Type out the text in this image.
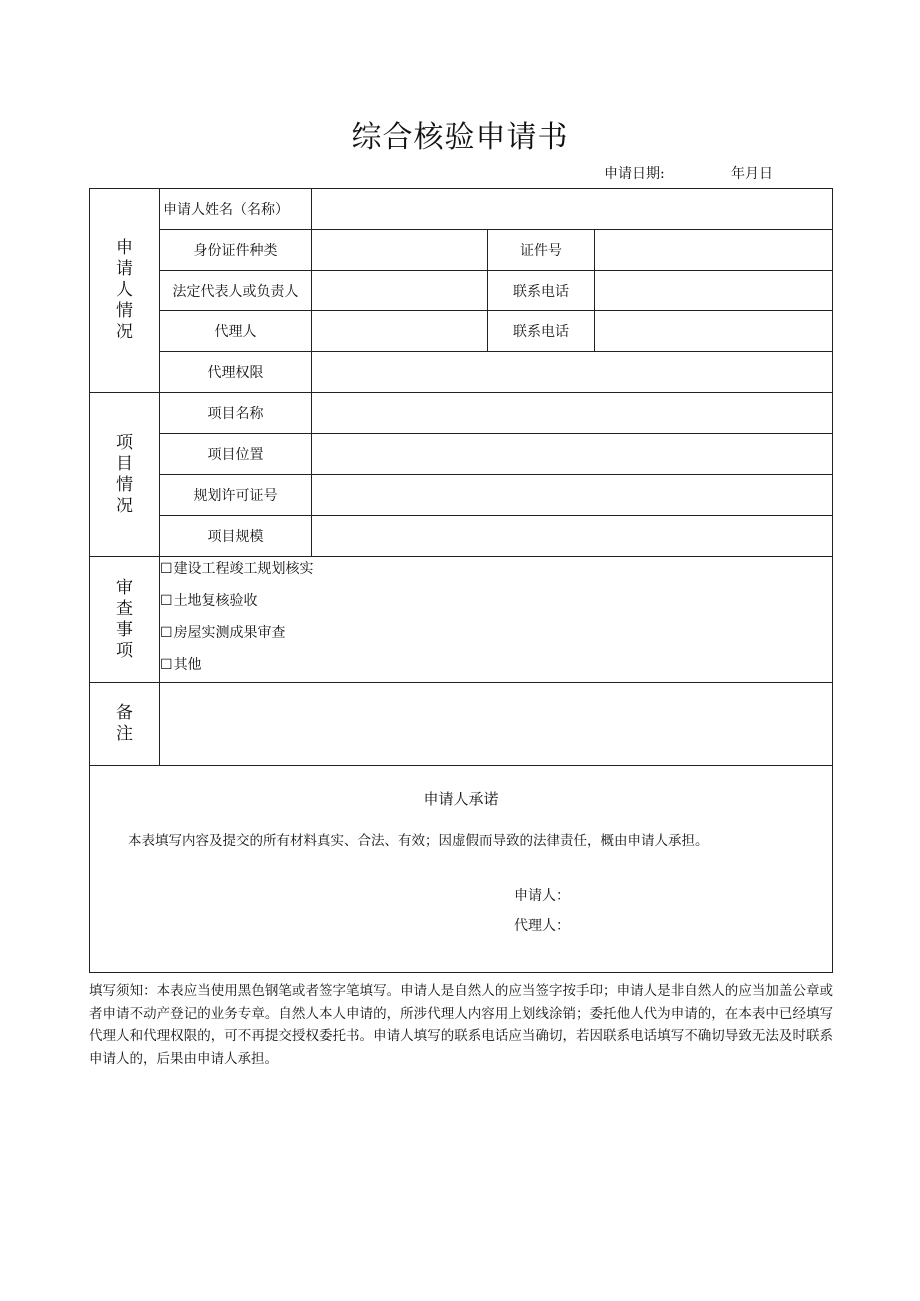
综合核验申请书
申请日期:	年月日
申请人情况	申请人姓名（名称）			
	身份证件种类		证件号	
	法定代表人或负责人		联系电话	
	代理人		联系电话	
	代理权限			
项目情况	项目名称			
	项目位置			
	规划许可证号			
	项目规模			
审查事项	☐建设工程竣工规划核实
☐土地复核验收
☐房屋实测成果审查
☐其他			

备注				

申请人承诺
本表填写内容及提交的所有材料真实、合法、有效；因虚假而导致的法律责任，概由申请人承担。
申请人：
代理人：				
填写须知：本表应当使用黑色钢笔或者签字笔填写。申请人是自然人的应当签字按手印；申请人是非自然人的应当加盖公章或者申请不动产登记的业务专章。自然人本人申请的，所涉代理人内容用上划线涂销；委托他人代为申请的，在本表中已经填写代理人和代理权限的，可不再提交授权委托书。申请人填写的联系电话应当确切，若因联系电话填写不确切导致无法及时联系申请人的，后果由申请人承担。
